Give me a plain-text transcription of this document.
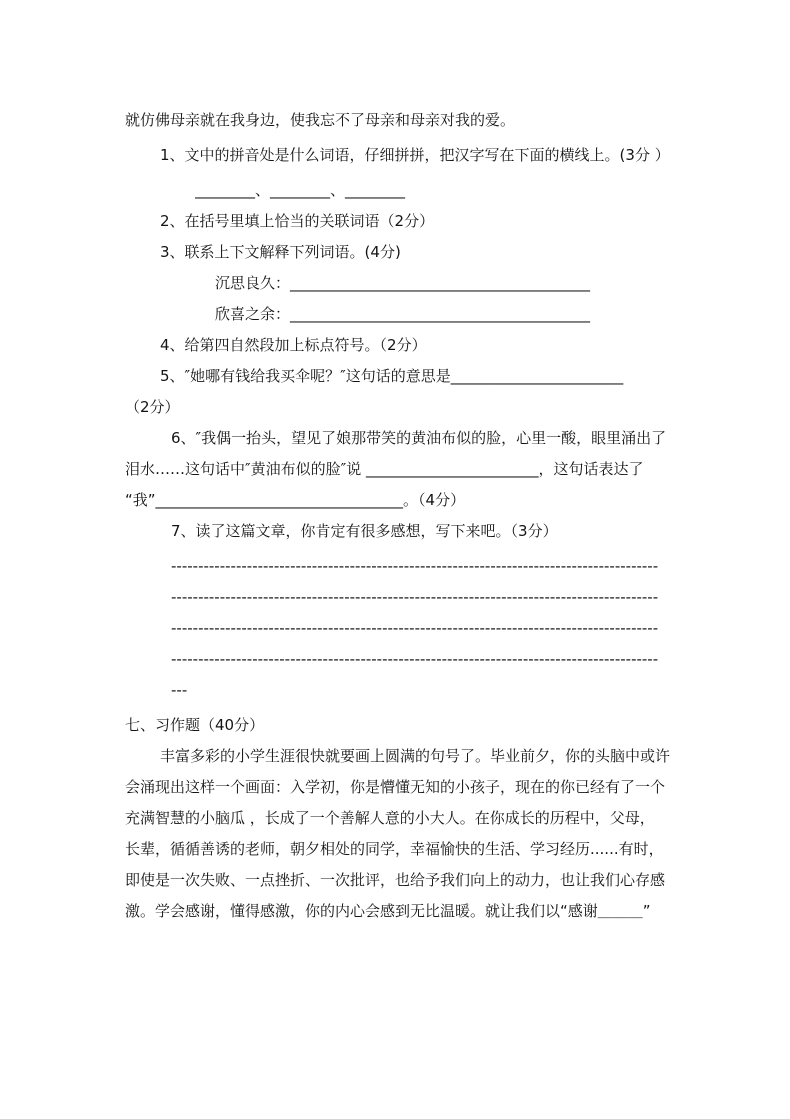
就仿佛母亲就在我身边，使我忘不了母亲和母亲对我的爱。

1、文中的拼音处是什么词语，仔细拼拼，把汉字写在下面的横线上。(3分 ）

________、________、________

2、在括号里填上恰当的关联词语（2分）

3、联系上下文解释下列词语。(4分)

沉思良久：________________________________________

欣喜之余：________________________________________

4、给第四自然段加上标点符号。（2分）

5、″她哪有钱给我买伞呢？″这句话的意思是_______________________

（2分）

6、″我偶一抬头，望见了娘那带笑的黄油布似的脸，心里一酸，眼里涌出了

泪水……这句话中″黄油布似的脸″说 _______________________，这句话表达了

“我”_________________________________。（4分）

7、读了这篇文章，你肯定有很多感想，写下来吧。（3分）

------------------------------------------------------------------------------------------

------------------------------------------------------------------------------------------

------------------------------------------------------------------------------------------

------------------------------------------------------------------------------------------

---

七、习作题（40分）

丰富多彩的小学生涯很快就要画上圆满的句号了。毕业前夕，你的头脑中或许

会涌现出这样一个画面：入学初，你是懵懂无知的小孩子，现在的你已经有了一个

充满智慧的小脑瓜 ，长成了一个善解人意的小大人。在你成长的历程中，父母，

长辈，循循善诱的老师，朝夕相处的同学，幸福愉快的生活、学习经历......有时，

即使是一次失败、一点挫折、一次批评，也给予我们向上的动力，也让我们心存感

激。学会感谢，懂得感激，你的内心会感到无比温暖。就让我们以“感谢＿＿＿”
